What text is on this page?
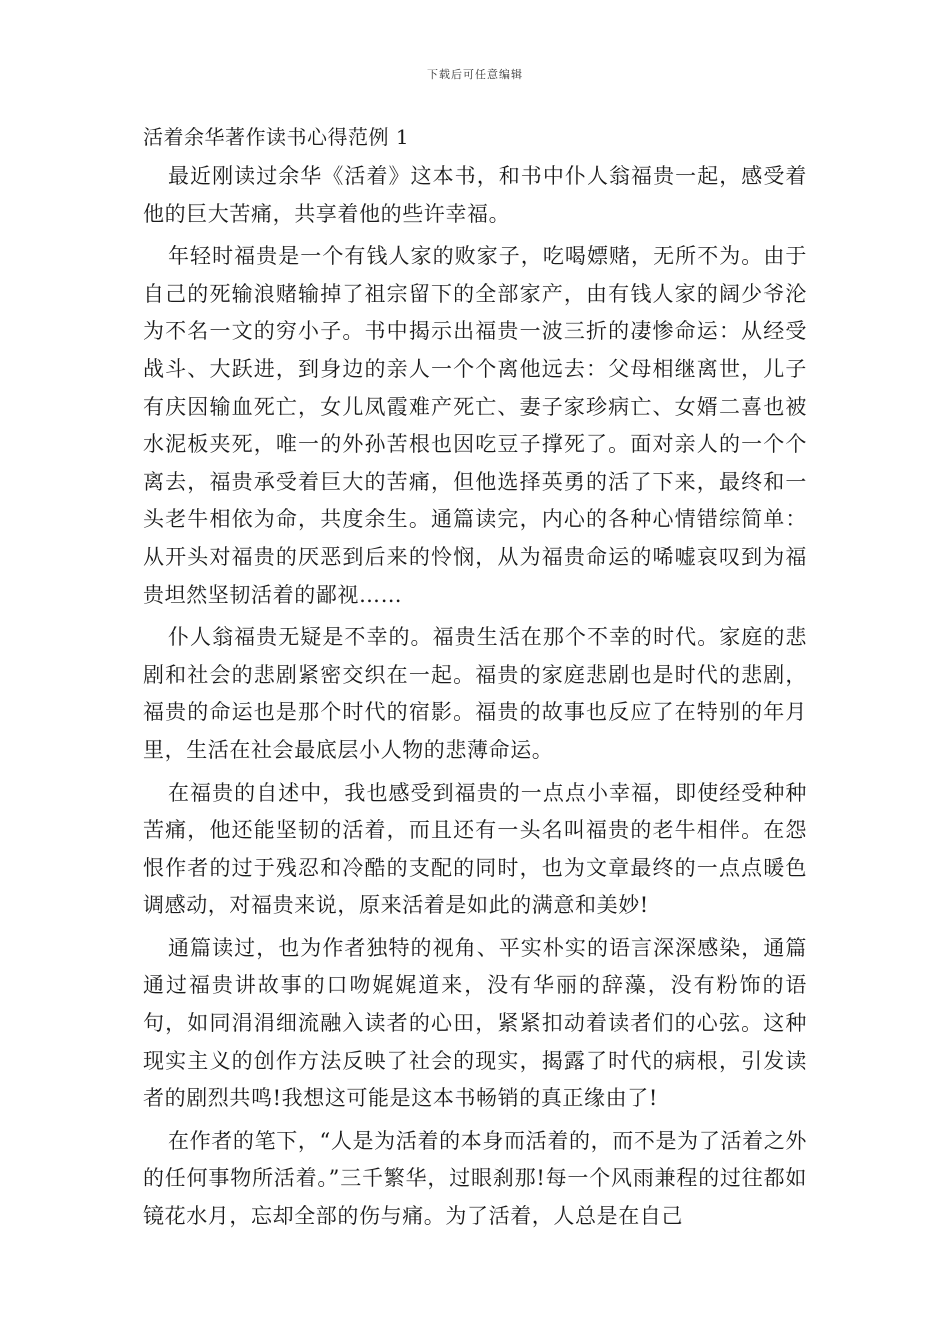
下载后可任意编辑
活着余华著作读书心得范例 1

最近刚读过余华《活着》这本书，和书中仆人翁福贵一起，感受着他的巨大苦痛，共享着他的些许幸福。

年轻时福贵是一个有钱人家的败家子，吃喝嫖赌，无所不为。由于自己的死输浪赌输掉了祖宗留下的全部家产，由有钱人家的阔少爷沦为不名一文的穷小子。书中揭示出福贵一波三折的凄惨命运：从经受战斗、大跃进，到身边的亲人一个个离他远去：父母相继离世，儿子有庆因输血死亡，女儿凤霞难产死亡、妻子家珍病亡、女婿二喜也被水泥板夹死，唯一的外孙苦根也因吃豆子撑死了。面对亲人的一个个离去，福贵承受着巨大的苦痛，但他选择英勇的活了下来，最终和一头老牛相依为命，共度余生。通篇读完，内心的各种心情错综简单：从开头对福贵的厌恶到后来的怜悯，从为福贵命运的唏嘘哀叹到为福贵坦然坚韧活着的鄙视……

仆人翁福贵无疑是不幸的。福贵生活在那个不幸的时代。家庭的悲剧和社会的悲剧紧密交织在一起。福贵的家庭悲剧也是时代的悲剧，福贵的命运也是那个时代的宿影。福贵的故事也反应了在特别的年月里，生活在社会最底层小人物的悲薄命运。

在福贵的自述中，我也感受到福贵的一点点小幸福，即使经受种种苦痛，他还能坚韧的活着，而且还有一头名叫福贵的老牛相伴。在怨恨作者的过于残忍和冷酷的支配的同时，也为文章最终的一点点暖色调感动，对福贵来说，原来活着是如此的满意和美妙!

通篇读过，也为作者独特的视角、平实朴实的语言深深感染，通篇通过福贵讲故事的口吻娓娓道来，没有华丽的辞藻，没有粉饰的语句，如同涓涓细流融入读者的心田，紧紧扣动着读者们的心弦。这种现实主义的创作方法反映了社会的现实，揭露了时代的病根，引发读者的剧烈共鸣!我想这可能是这本书畅销的真正缘由了!

在作者的笔下，“人是为活着的本身而活着的，而不是为了活着之外的任何事物所活着。”三千繁华，过眼刹那!每一个风雨兼程的过往都如镜花水月，忘却全部的伤与痛。为了活着，人总是在自己
